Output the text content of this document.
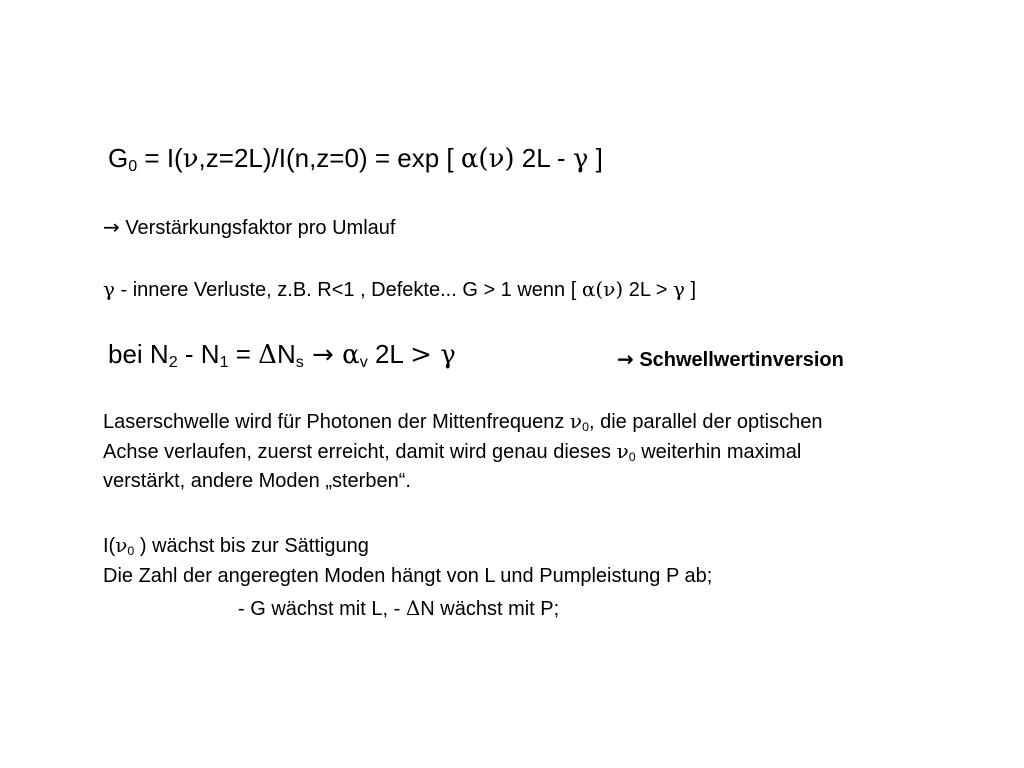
$G_0 = I(\nu,z=2L)/I(n,z=0) = \exp$ [ α(ν) 2L - γ ]
→ Verstärkungsfaktor pro Umlauf
γ - innere Verluste, z.B. R<1 , Defekte... G > 1 wenn [ α(ν) 2L > γ ]
bei $N_2 - N_1 = \Delta N_s \to \alpha_v$ 2L > γ	→ Schwellwertinversion
Laserschwelle wird für Photonen der Mittenfrequenz $\nu_0$, die parallel der optischen
Achse verlaufen, zuerst erreicht, damit wird genau dieses $\nu_0$ weiterhin maximal
verstärkt, andere Moden „sterben“.
$I(\nu_0$ ) wächst bis zur Sättigung
Die Zahl der angeregten Moden hängt von L und Pumpleistung P ab;
- G wächst mit L, - ΔN wächst mit P;
